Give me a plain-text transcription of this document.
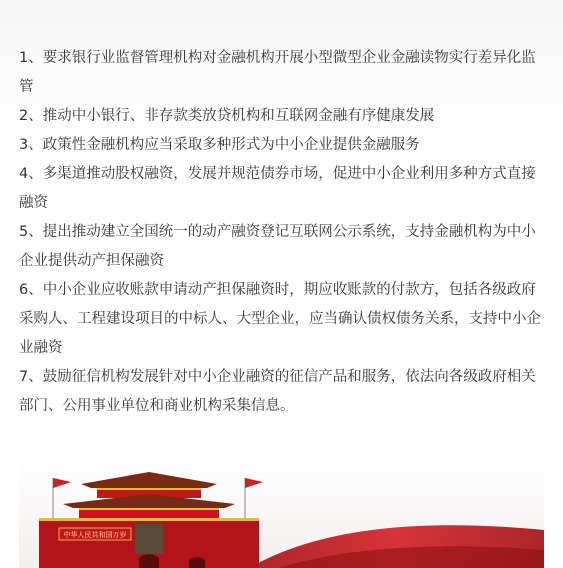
1、要求银行业监督管理机构对金融机构开展小型微型企业金融读物实行差异化监管

2、推动中小银行、非存款类放贷机构和互联网金融有序健康发展

3、政策性金融机构应当采取多种形式为中小企业提供金融服务

4、多渠道推动股权融资，发展并规范债券市场，促进中小企业利用多种方式直接融资

5、提出推动建立全国统一的动产融资登记互联网公示系统，支持金融机构为中小企业提供动产担保融资

6、中小企业应收账款申请动产担保融资时，期应收账款的付款方，包括各级政府采购人、工程建设项目的中标人、大型企业，应当确认债权债务关系，支持中小企业融资

7、鼓励征信机构发展针对中小企业融资的征信产品和服务，依法向各级政府相关部门、公用事业单位和商业机构采集信息。

中华人民共和国万岁
